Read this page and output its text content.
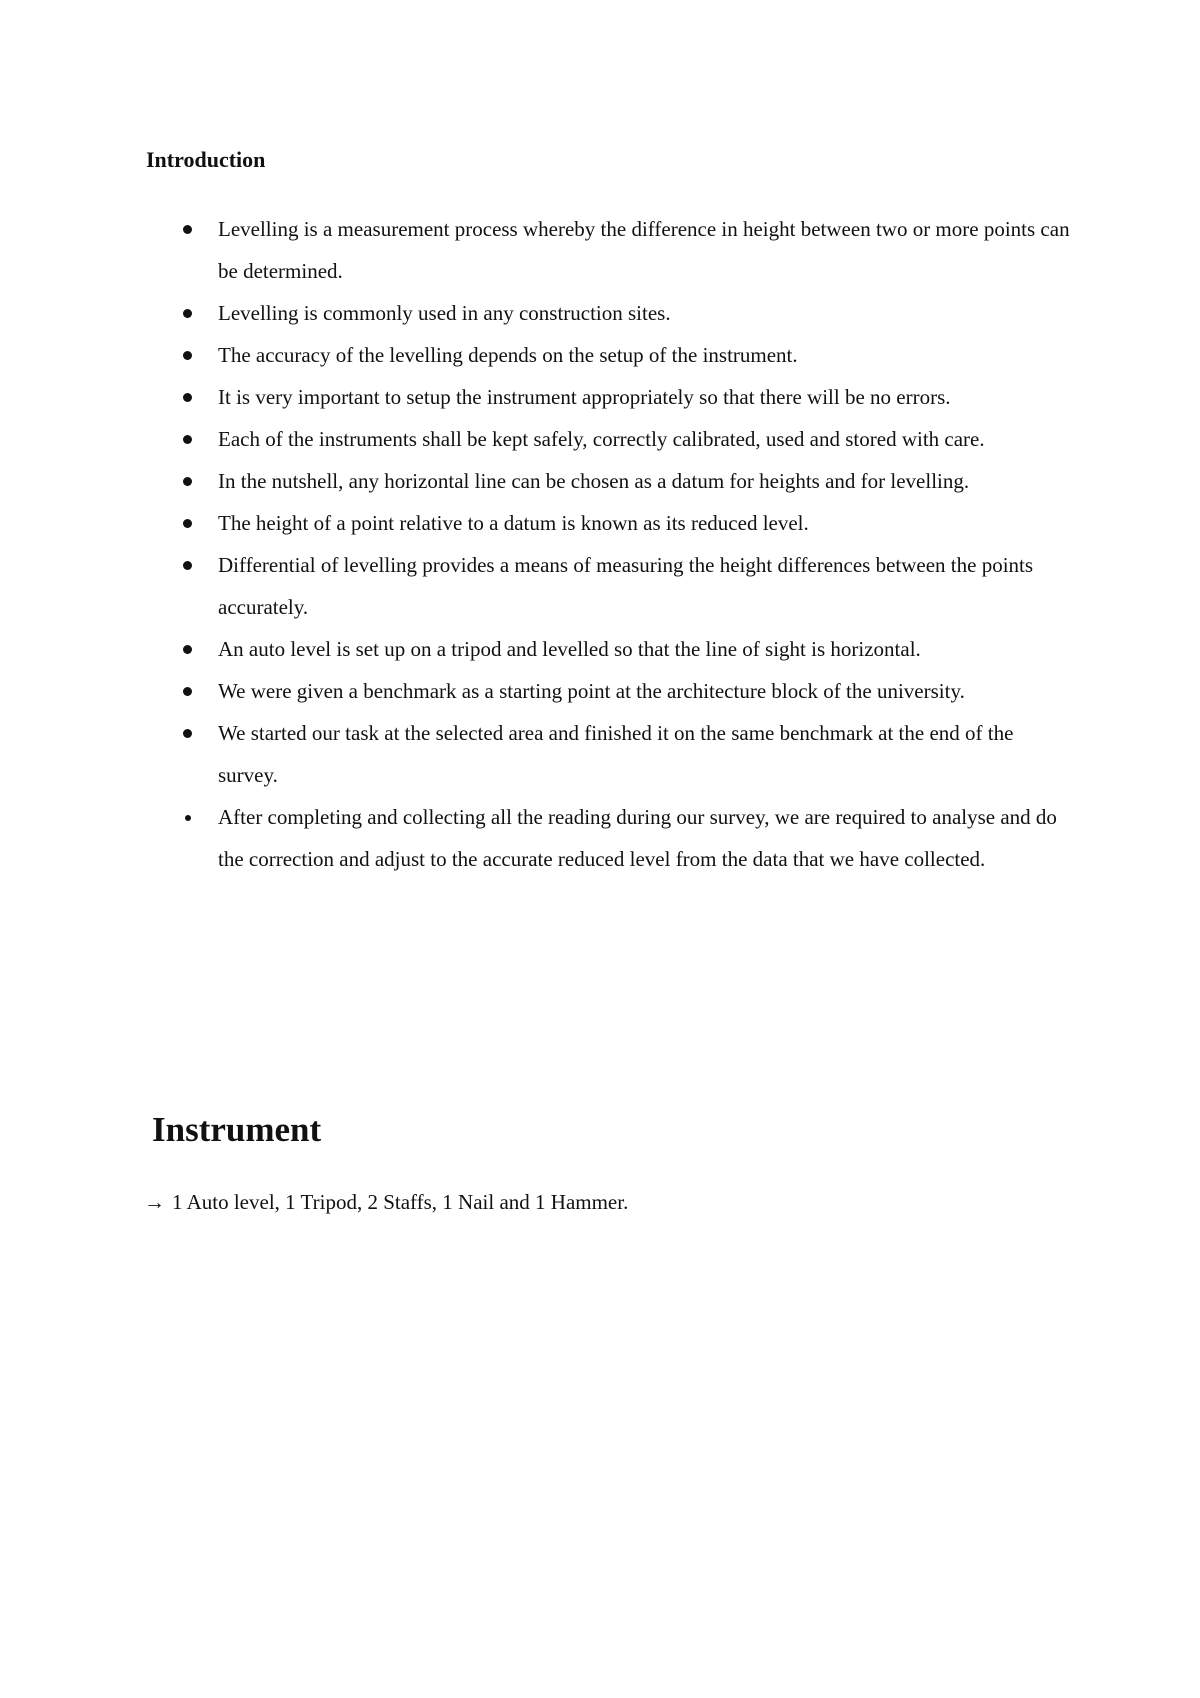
Introduction
Levelling is a measurement process whereby the difference in height between two or more points can be determined.
Levelling is commonly used in any construction sites.
The accuracy of the levelling depends on the setup of the instrument.
It is very important to setup the instrument appropriately so that there will be no errors.
Each of the instruments shall be kept safely, correctly calibrated, used and stored with care.
In the nutshell, any horizontal line can be chosen as a datum for heights and for levelling.
The height of a point relative to a datum is known as its reduced level.
Differential of levelling provides a means of measuring the height differences between the points accurately.
An auto level is set up on a tripod and levelled so that the line of sight is horizontal.
We were given a benchmark as a starting point at the architecture block of the university.
We started our task at the selected area and finished it on the same benchmark at the end of the survey.
After completing and collecting all the reading during our survey, we are required to analyse and do the correction and adjust to the accurate reduced level from the data that we have collected.
Instrument

→ 1 Auto level, 1 Tripod, 2 Staffs, 1 Nail and 1 Hammer.
